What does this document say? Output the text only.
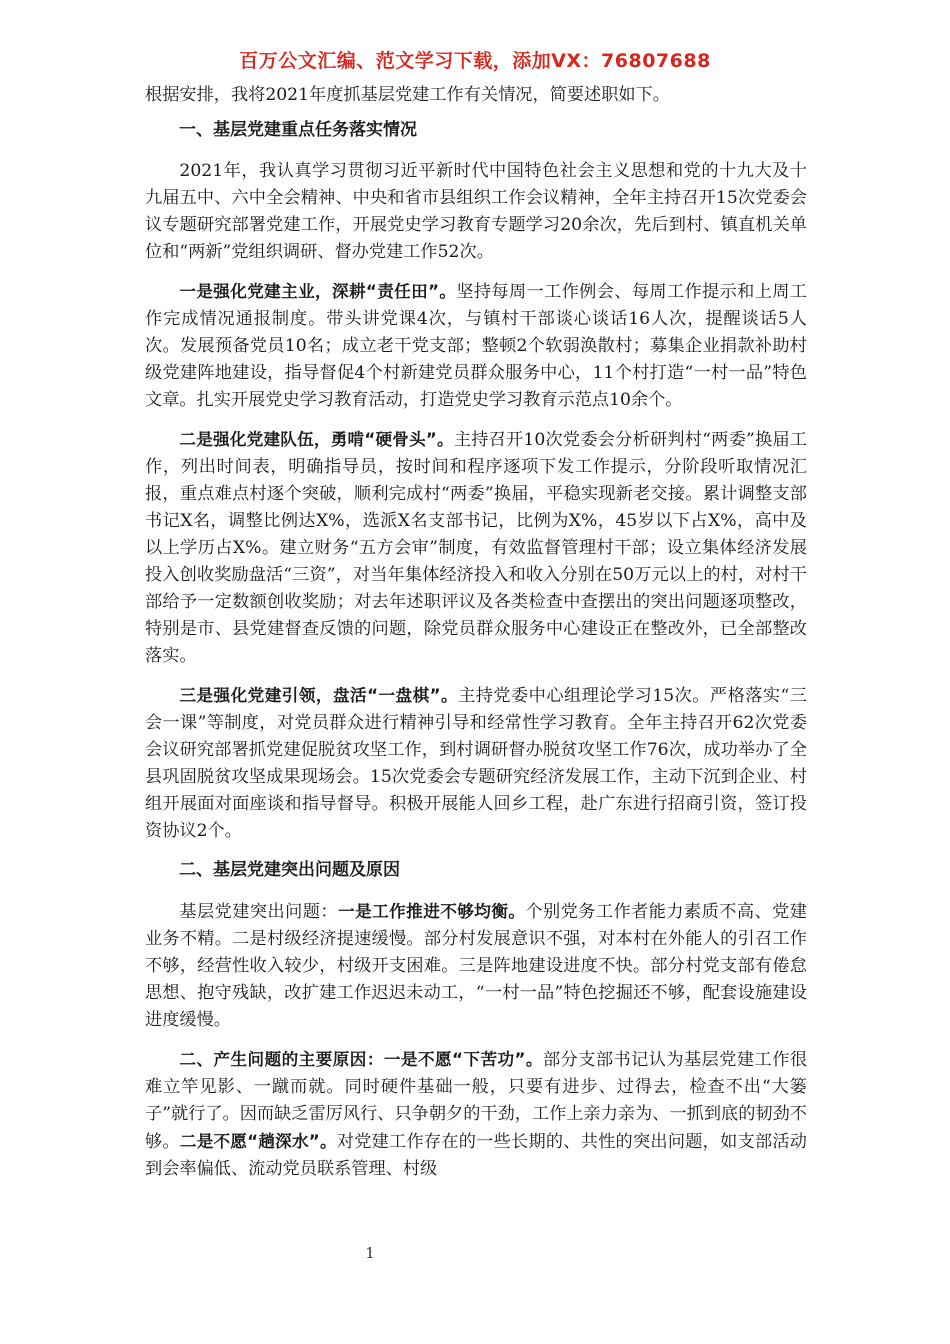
百万公文汇编、范文学习下载，添加VX：76807688

根据安排，我将2021年度抓基层党建工作有关情况，简要述职如下。

一、基层党建重点任务落实情况

2021年，我认真学习贯彻习近平新时代中国特色社会主义思想和党的十九大及十九届五中、六中全会精神、中央和省市县组织工作会议精神，全年主持召开15次党委会议专题研究部署党建工作，开展党史学习教育专题学习20余次，先后到村、镇直机关单位和“两新”党组织调研、督办党建工作52次。

一是强化党建主业，深耕“责任田”。坚持每周一工作例会、每周工作提示和上周工作完成情况通报制度。带头讲党课4次，与镇村干部谈心谈话16人次，提醒谈话5人次。发展预备党员10名；成立老干党支部；整顿2个软弱涣散村；募集企业捐款补助村级党建阵地建设，指导督促4个村新建党员群众服务中心，11个村打造“一村一品”特色文章。扎实开展党史学习教育活动，打造党史学习教育示范点10余个。

二是强化党建队伍，勇啃“硬骨头”。主持召开10次党委会分析研判村“两委”换届工作，列出时间表，明确指导员，按时间和程序逐项下发工作提示，分阶段听取情况汇报，重点难点村逐个突破，顺利完成村“两委”换届，平稳实现新老交接。累计调整支部书记X名，调整比例达X%，选派X名支部书记，比例为X%，45岁以下占X%，高中及以上学历占X%。建立财务“五方会审”制度，有效监督管理村干部；设立集体经济发展投入创收奖励盘活“三资”，对当年集体经济投入和收入分别在50万元以上的村，对村干部给予一定数额创收奖励；对去年述职评议及各类检查中查摆出的突出问题逐项整改，特别是市、县党建督查反馈的问题，除党员群众服务中心建设正在整改外，已全部整改落实。

三是强化党建引领，盘活“一盘棋”。主持党委中心组理论学习15次。严格落实“三会一课”等制度，对党员群众进行精神引导和经常性学习教育。全年主持召开62次党委会议研究部署抓党建促脱贫攻坚工作，到村调研督办脱贫攻坚工作76次，成功举办了全县巩固脱贫攻坚成果现场会。15次党委会专题研究经济发展工作，主动下沉到企业、村组开展面对面座谈和指导督导。积极开展能人回乡工程，赴广东进行招商引资，签订投资协议2个。

二、基层党建突出问题及原因

基层党建突出问题：一是工作推进不够均衡。个别党务工作者能力素质不高、党建业务不精。二是村级经济提速缓慢。部分村发展意识不强，对本村在外能人的引召工作不够，经营性收入较少，村级开支困难。三是阵地建设进度不快。部分村党支部有倦怠思想、抱守残缺，改扩建工作迟迟未动工，“一村一品”特色挖掘还不够，配套设施建设进度缓慢。

二、产生问题的主要原因：一是不愿“下苦功”。部分支部书记认为基层党建工作很难立竿见影、一蹴而就。同时硬件基础一般，只要有进步、过得去，检查不出“大篓子”就行了。因而缺乏雷厉风行、只争朝夕的干劲，工作上亲力亲为、一抓到底的韧劲不够。二是不愿“趟深水”。对党建工作存在的一些长期的、共性的突出问题，如支部活动到会率偏低、流动党员联系管理、村级

1
